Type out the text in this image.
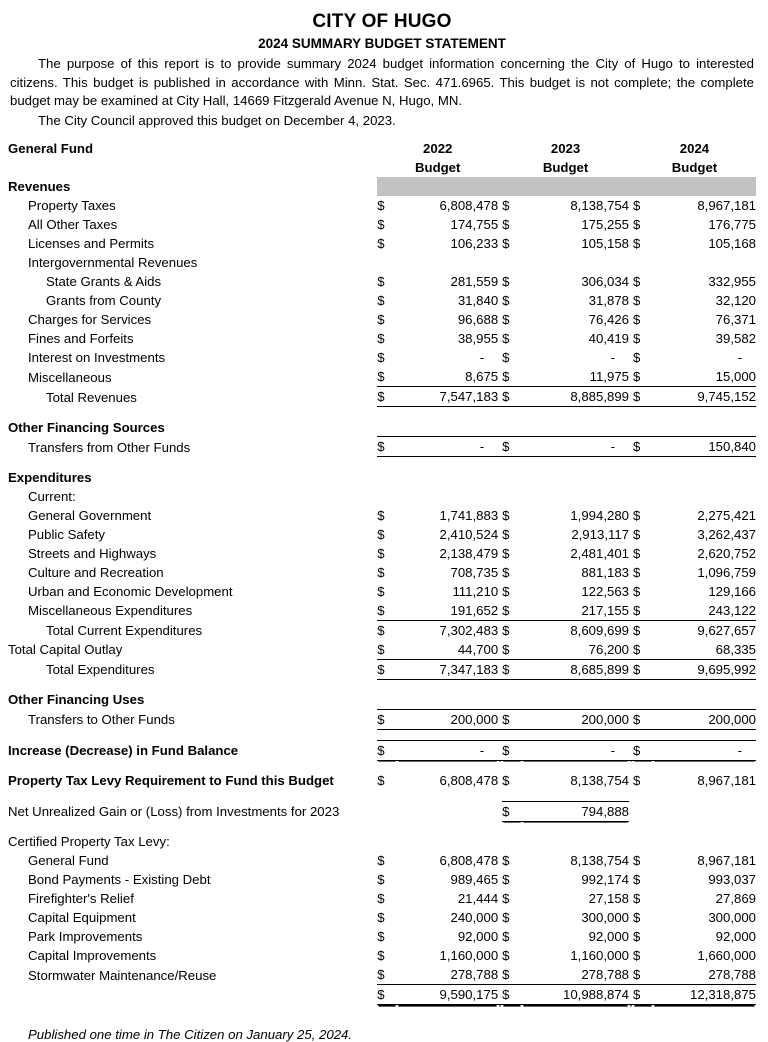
CITY OF HUGO
2024 SUMMARY BUDGET STATEMENT

The purpose of this report is to provide summary 2024 budget information concerning the City of Hugo to interested citizens. This budget is published in accordance with Minn. Stat. Sec. 471.6965. This budget is not complete; the complete budget may be examined at City Hall, 14669 Fitzgerald Avenue N, Hugo, MN.

The City Council approved this budget on December 4, 2023.

General Fund	2022			2023			2024	
	Budget			Budget			Budget	
Revenues								
Property Taxes	$	6,808,478		$	8,138,754		$	8,967,181
All Other Taxes	$	174,755		$	175,255		$	176,775
Licenses and Permits	$	106,233		$	105,158		$	105,168
Intergovernmental Revenues								
State Grants & Aids	$	281,559		$	306,034		$	332,955
Grants from County	$	31,840		$	31,878		$	32,120
Charges for Services	$	96,688		$	76,426		$	76,371
Fines and Forfeits	$	38,955		$	40,419		$	39,582
Interest on Investments	$	-		$	-		$	-
Miscellaneous	$	8,675		$	11,975		$	15,000
Total Revenues	$	7,547,183		$	8,885,899		$	9,745,152

Other Financing Sources								
Transfers from Other Funds	$	-		$	-		$	150,840

Expenditures								
Current:								
General Government	$	1,741,883		$	1,994,280		$	2,275,421
Public Safety	$	2,410,524		$	2,913,117		$	3,262,437
Streets and Highways	$	2,138,479		$	2,481,401		$	2,620,752
Culture and Recreation	$	708,735		$	881,183		$	1,096,759
Urban and Economic Development	$	111,210		$	122,563		$	129,166
Miscellaneous Expenditures	$	191,652		$	217,155		$	243,122
Total Current Expenditures	$	7,302,483		$	8,609,699		$	9,627,657
Total Capital Outlay	$	44,700		$	76,200		$	68,335
Total Expenditures	$	7,347,183		$	8,685,899		$	9,695,992

Other Financing Uses								
Transfers to Other Funds	$	200,000		$	200,000		$	200,000

Increase (Decrease) in Fund Balance	$	-		$	-		$	-

Property Tax Levy Requirement to Fund this Budget	$	6,808,478		$	8,138,754		$	8,967,181

Net Unrealized Gain or (Loss) from Investments for 2023				$	794,888			

Certified Property Tax Levy:								
General Fund	$	6,808,478		$	8,138,754		$	8,967,181
Bond Payments - Existing Debt	$	989,465		$	992,174		$	993,037
Firefighter's Relief	$	21,444		$	27,158		$	27,869
Capital Equipment	$	240,000		$	300,000		$	300,000
Park Improvements	$	92,000		$	92,000		$	92,000
Capital Improvements	$	1,160,000		$	1,160,000		$	1,660,000
Stormwater Maintenance/Reuse	$	278,788		$	278,788		$	278,788
	$	9,590,175		$	10,988,874		$	12,318,875
Published one time in The Citizen on January 25, 2024.
